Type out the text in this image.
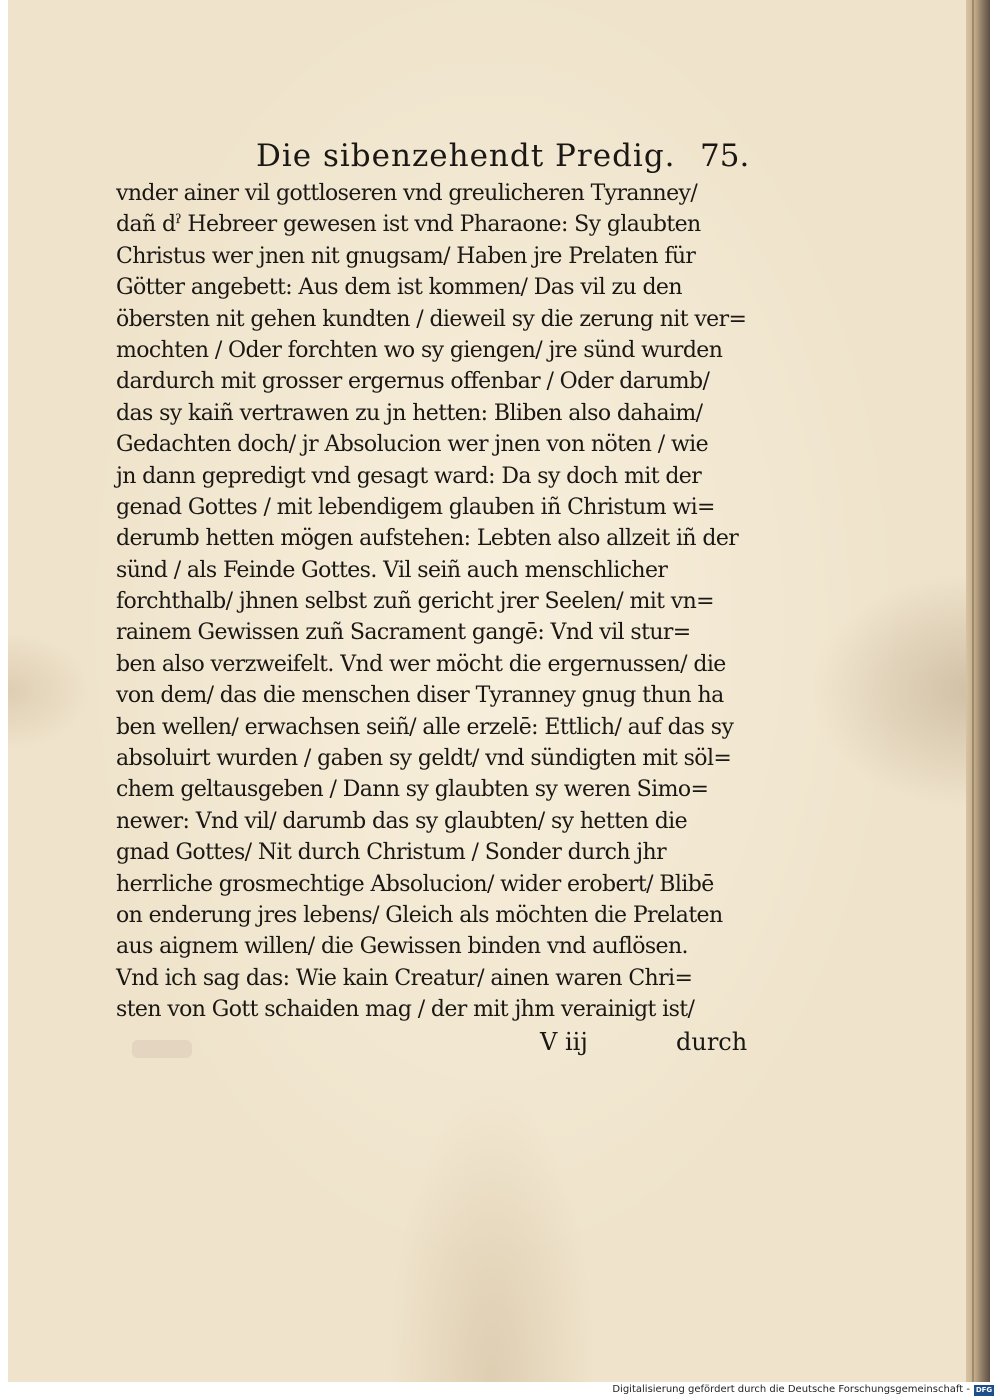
Die sibenzehendt Predig. 75.
vnder ainer vil gottloseren vnd greulicheren Tyranney/
dañ dˀ Hebreer gewesen ist vnd Pharaone: Sy glaubten
Christus wer jnen nit gnugsam/ Haben jre Prelaten für
Götter angebett: Aus dem ist kommen/ Das vil zu den
öbersten nit gehen kundten / dieweil sy die zerung nit ver=
mochten / Oder forchten wo sy giengen/ jre sünd wurden
dardurch mit grosser ergernus offenbar / Oder darumb/
das sy kaiñ vertrawen zu jn hetten: Bliben also dahaim/
Gedachten doch/ jr Absolucion wer jnen von nöten / wie
jn dann gepredigt vnd gesagt ward: Da sy doch mit der
genad Gottes / mit lebendigem glauben iñ Christum wi=
derumb hetten mögen aufstehen: Lebten also allzeit iñ der
sünd / als Feinde Gottes. Vil seiñ auch menschlicher
forchthalb/ jhnen selbst zuñ gericht jrer Seelen/ mit vn=
rainem Gewissen zuñ Sacrament gangē: Vnd vil stur=
ben also verzweifelt. Vnd wer möcht die ergernussen/ die
von dem/ das die menschen diser Tyranney gnug thun ha
ben wellen/ erwachsen seiñ/ alle erzelē: Ettlich/ auf das sy
absoluirt wurden / gaben sy geldt/ vnd sündigten mit söl=
chem geltausgeben / Dann sy glaubten sy weren Simo=
newer: Vnd vil/ darumb das sy glaubten/ sy hetten die
gnad Gottes/ Nit durch Christum / Sonder durch jhr
herrliche grosmechtige Absolucion/ wider erobert/ Blibē
on enderung jres lebens/ Gleich als möchten die Prelaten
aus aignem willen/ die Gewissen binden vnd auflösen.
Vnd ich sag das: Wie kain Creatur/ ainen waren Chri=
sten von Gott schaiden mag / der mit jhm verainigt ist/
V iij	durch
Digitalisierung gefördert durch die Deutsche Forschungsgemeinschaft - DFG
